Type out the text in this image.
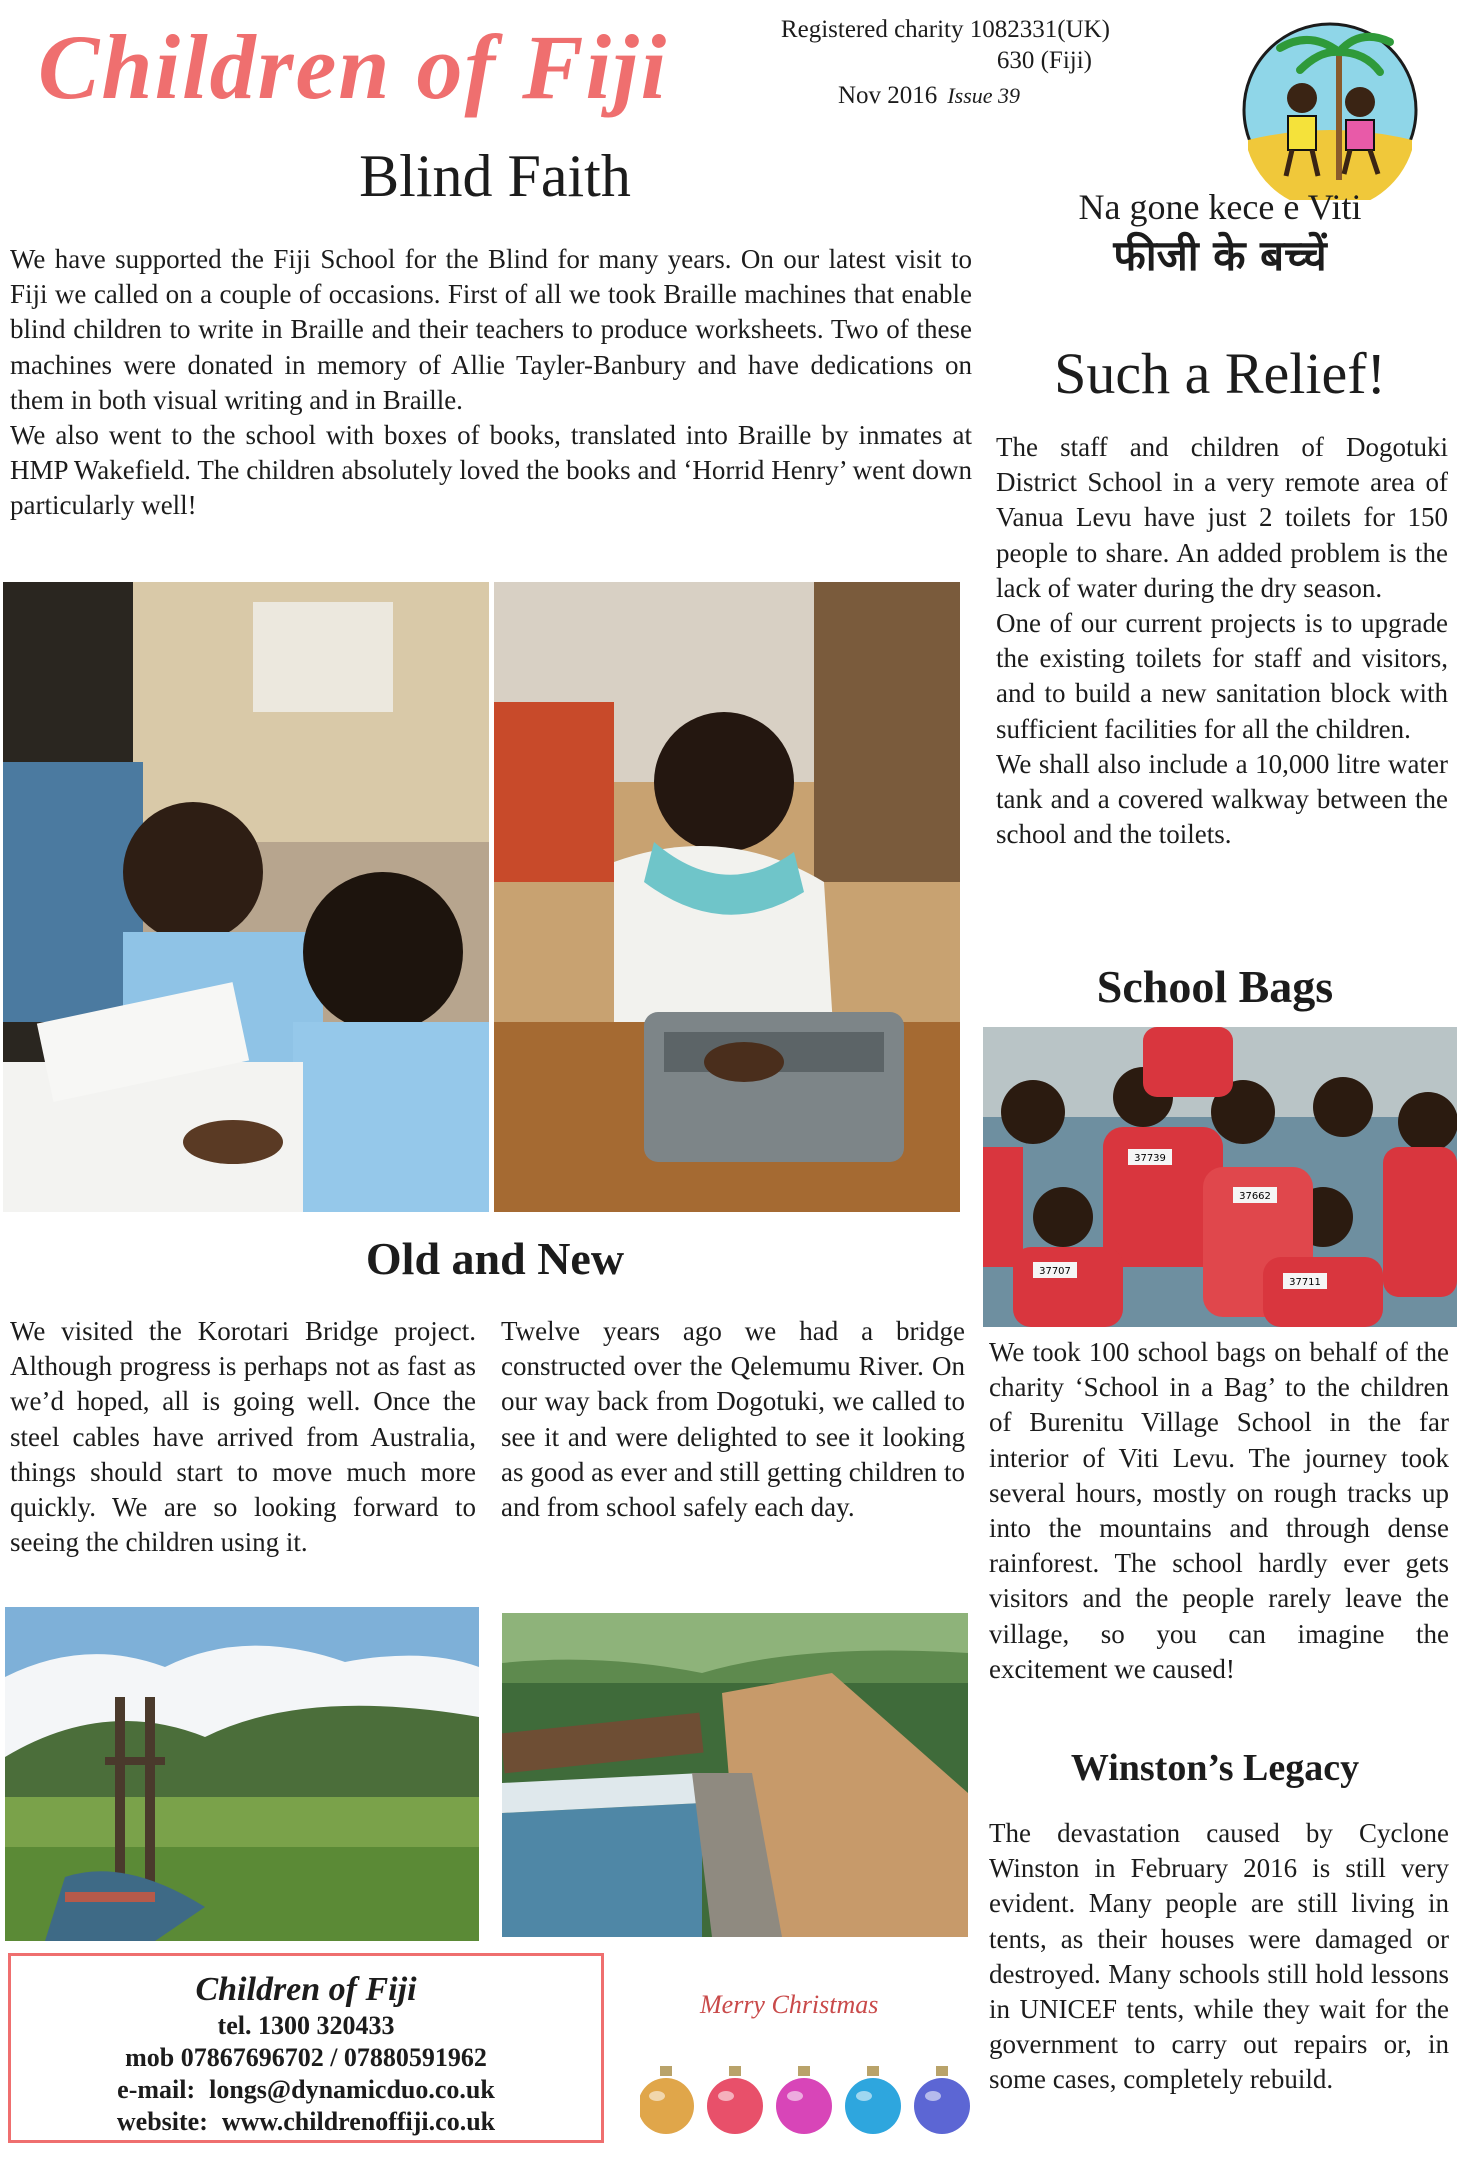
Children of Fiji	Registered charity 1082331(UK)
630 (Fiji)
Nov 2016 Issue 39
Na gone kece e Viti
फीजी के बच्चें
Blind Faith

We have supported the Fiji School for the Blind for many years. On our latest visit to Fiji we called on a couple of occasions. First of all we took Braille machines that enable blind children to write in Braille and their teachers to produce worksheets. Two of these machines were donated in memory of Allie Tayler-Banbury and have dedications on them in both visual writing and in Braille.

We also went to the school with boxes of books, translated into Braille by inmates at HMP Wakefield. The children absolutely loved the books and ‘Horrid Henry’ went down particularly well!

Such a Relief!

The staff and children of Dogotuki District School in a very remote area of Vanua Levu have just 2 toilets for 150 people to share. An added problem is the lack of water during the dry season.

One of our current projects is to upgrade the existing toilets for staff and visitors, and to build a new sanitation block with sufficient facilities for all the children.

We shall also include a 10,000 litre water tank and a covered walkway between the school and the toilets.

School Bags
37739
37662
37707
37711

We took 100 school bags on behalf of the charity ‘School in a Bag’ to the children of Burenitu Village School in the far interior of Viti Levu. The journey took several hours, mostly on rough tracks up into the mountains and through dense rainforest. The school hardly ever gets visitors and the people rarely leave the village, so you can imagine the excitement we caused!

Old and New

We visited the Korotari Bridge project. Although progress is perhaps not as fast as we’d hoped, all is going well. Once the steel cables have arrived from Australia, things should start to move much more quickly. We are so looking forward to seeing the children using it.

Twelve years ago we had a bridge constructed over the Qelemumu River. On our way back from Dogotuki, we called to see it and were delighted to see it looking as good as ever and still getting children to and from school safely each day.

Winston’s Legacy

The devastation caused by Cyclone Winston in February 2016 is still very evident. Many people are still living in tents, as their houses were damaged or destroyed. Many schools still hold lessons in UNICEF tents, while they wait for the government to carry out repairs or, in some cases, completely rebuild.

Children of Fiji
tel. 1300 320433
mob 07867696702 / 07880591962
e-mail: longs@dynamicduo.co.uk
website: www.childrenoffiji.co.uk
Merry Christmas
